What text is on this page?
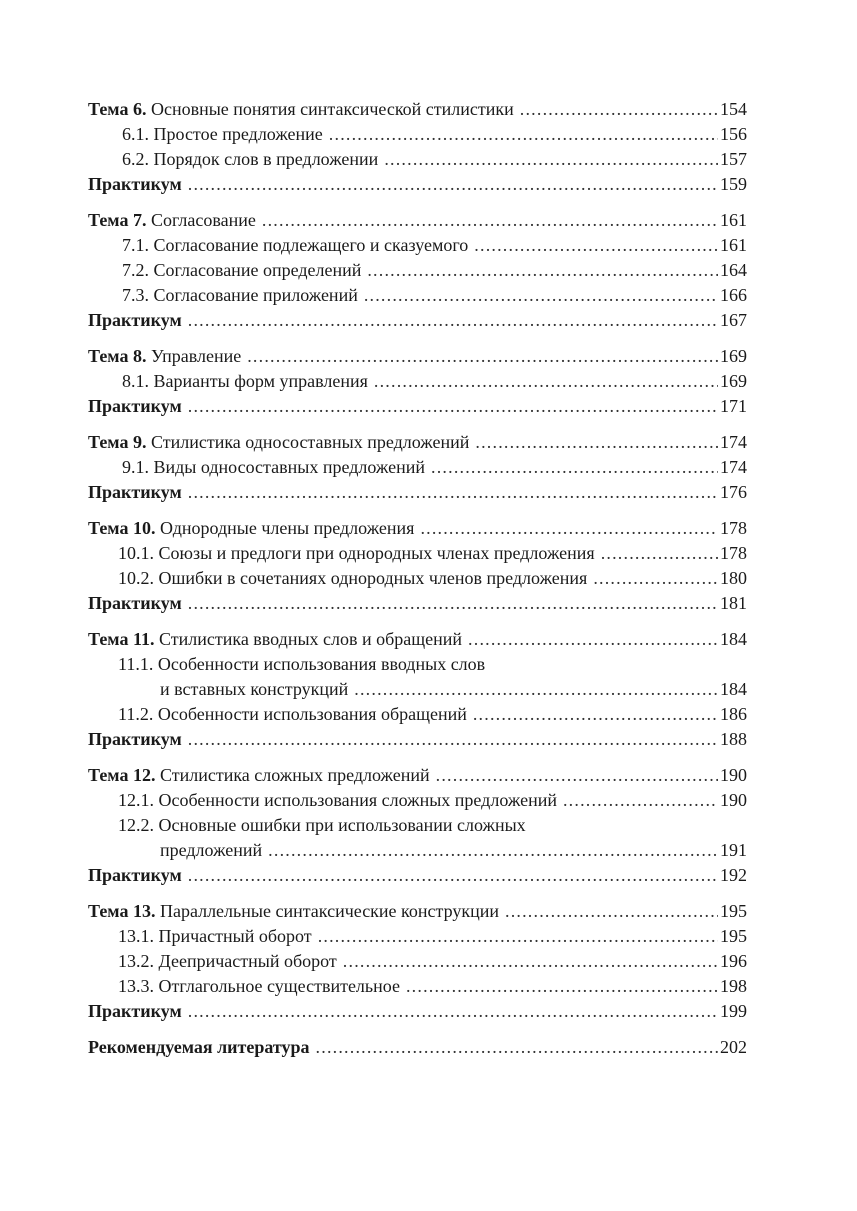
Тема 6. Основные понятия синтаксической стилистики .....	154
6.1. Простое предложение .....	156
6.2. Порядок слов в предложении .....	157
Практикум .....	159
Тема 7. Согласование .....	161
7.1. Согласование подлежащего и сказуемого .....	161
7.2. Согласование определений .....	164
7.3. Согласование приложений .....	166
Практикум .....	167
Тема 8. Управление .....	169
8.1. Варианты форм управления .....	169
Практикум .....	171
Тема 9. Стилистика односоставных предложений .....	174
9.1. Виды односоставных предложений .....	174
Практикум .....	176
Тема 10. Однородные члены предложения .....	178
10.1. Союзы и предлоги при однородных членах предложения .....	178
10.2. Ошибки в сочетаниях однородных членов предложения .....	180
Практикум .....	181
Тема 11. Стилистика вводных слов и обращений .....	184
11.1. Особенности использования вводных слов
и вставных конструкций .....	184
11.2. Особенности использования обращений .....	186
Практикум .....	188
Тема 12. Стилистика сложных предложений .....	190
12.1. Особенности использования сложных предложений .....	190
12.2. Основные ошибки при использовании сложных
предложений .....	191
Практикум .....	192
Тема 13. Параллельные синтаксические конструкции .....	195
13.1. Причастный оборот .....	195
13.2. Деепричастный оборот .....	196
13.3. Отглагольное существительное .....	198
Практикум .....	199
Рекомендуемая литература .....	202
